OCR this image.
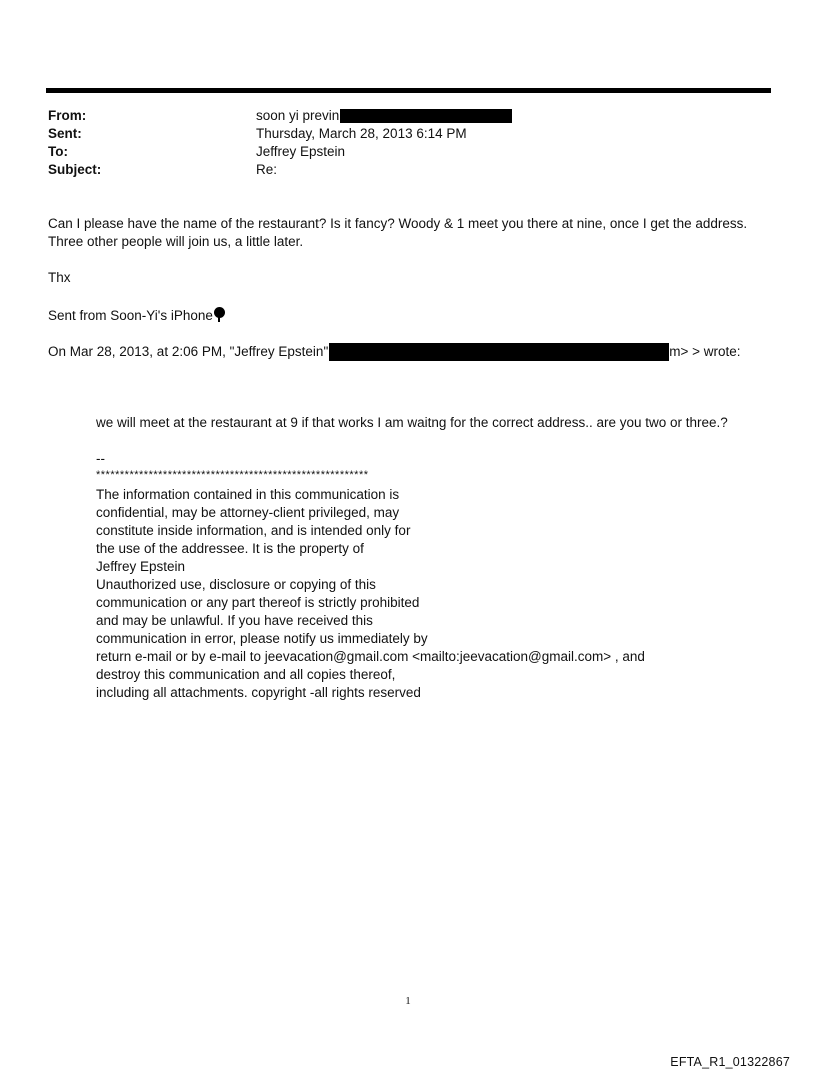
From:	soon yi previn
Sent:	Thursday, March 28, 2013 6:14 PM
To:	Jeffrey Epstein
Subject:	Re:

Can I please have the name of the restaurant? Is it fancy? Woody & 1 meet you there at nine, once I get the address.

Three other people will join us, a little later.

Thx
Sent from Soon-Yi's iPhone
On Mar 28, 2013, at 2:06 PM, "Jeffrey Epstein"	m> > wrote:
we will meet at the restaurant at 9 if that works I am waitng for the correct address.. are you two or three.?
--
*********************************************************

The information contained in this communication is

confidential, may be attorney-client privileged, may

constitute inside information, and is intended only for

the use of the addressee. It is the property of

Jeffrey Epstein

Unauthorized use, disclosure or copying of this

communication or any part thereof is strictly prohibited

and may be unlawful. If you have received this

communication in error, please notify us immediately by

return e-mail or by e-mail to jeevacation@gmail.com <mailto:jeevacation@gmail.com> , and

destroy this communication and all copies thereof,

including all attachments. copyright -all rights reserved

1
EFTA_R1_01322867
